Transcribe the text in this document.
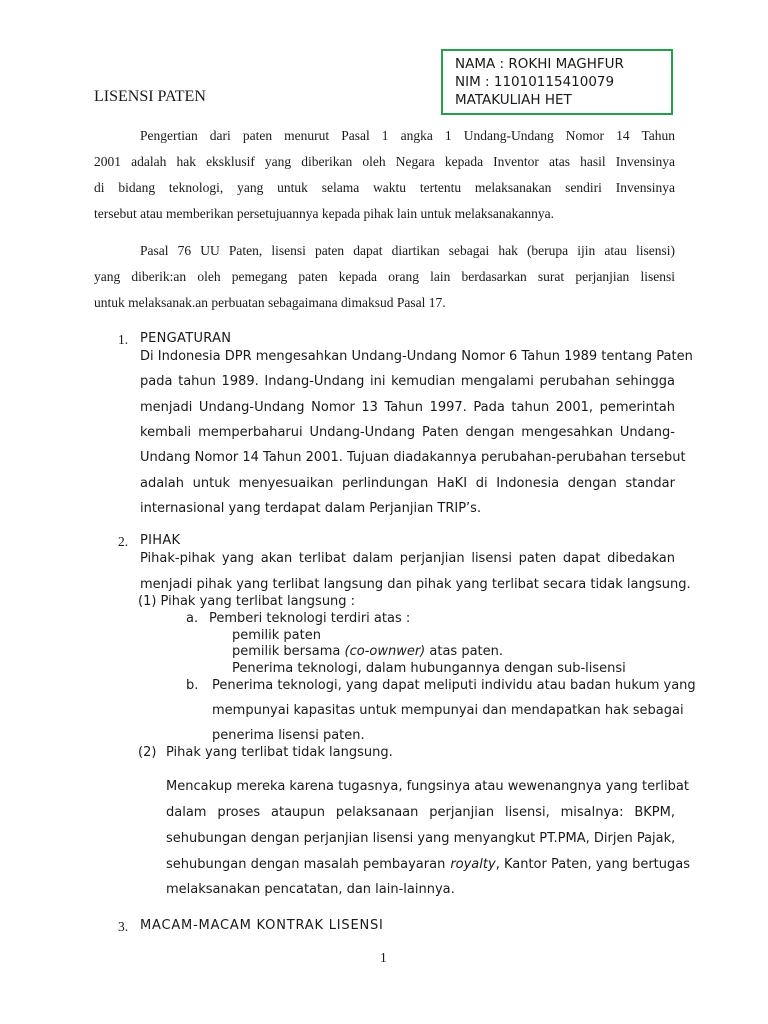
NAMA : ROKHI MAGHFUR
NIM : 11010115410079
MATAKULIAH HET
LISENSI PATEN
Pengertian dari paten menurut Pasal 1 angka 1 Undang-Undang Nomor 14 Tahun
2001 adalah hak eksklusif yang diberikan oleh Negara kepada Inventor atas hasil Invensinya
di bidang teknologi, yang untuk selama waktu tertentu melaksanakan sendiri Invensinya
tersebut atau memberikan persetujuannya kepada pihak lain untuk melaksanakannya.
Pasal 76 UU Paten, lisensi paten dapat diartikan sebagai hak (berupa ijin atau lisensi)
yang diberik:an oleh pemegang paten kepada orang lain berdasarkan surat perjanjian lisensi
untuk melaksanak.an perbuatan sebagaimana dimaksud Pasal 17.
1. PENGATURAN
Di Indonesia DPR mengesahkan Undang-Undang Nomor 6 Tahun 1989 tentang Paten
pada tahun 1989. Indang-Undang ini kemudian mengalami perubahan sehingga
menjadi Undang-Undang Nomor 13 Tahun 1997. Pada tahun 2001, pemerintah
kembali memperbaharui Undang-Undang Paten dengan mengesahkan Undang-
Undang Nomor 14 Tahun 2001. Tujuan diadakannya perubahan-perubahan tersebut
adalah untuk menyesuaikan perlindungan HaKI di Indonesia dengan standar
internasional yang terdapat dalam Perjanjian TRIP’s.
2. PIHAK
Pihak-pihak yang akan terlibat dalam perjanjian lisensi paten dapat dibedakan
menjadi pihak yang terlibat langsung dan pihak yang terlibat secara tidak langsung.
(1) Pihak yang terlibat langsung :
a. Pemberi teknologi terdiri atas :
pemilik paten
pemilik bersama (co-ownwer) atas paten.
Penerima teknologi, dalam hubungannya dengan sub-lisensi
b. Penerima teknologi, yang dapat meliputi individu atau badan hukum yang
mempunyai kapasitas untuk mempunyai dan mendapatkan hak sebagai
penerima lisensi paten.
(2) Pihak yang terlibat tidak langsung.
Mencakup mereka karena tugasnya, fungsinya atau wewenangnya yang terlibat
dalam proses ataupun pelaksanaan perjanjian lisensi, misalnya: BKPM,
sehubungan dengan perjanjian lisensi yang menyangkut PT.PMA, Dirjen Pajak,
sehubungan dengan masalah pembayaran royalty, Kantor Paten, yang bertugas
melaksanakan pencatatan, dan lain-lainnya.
3. MACAM-MACAM KONTRAK LISENSI
1
